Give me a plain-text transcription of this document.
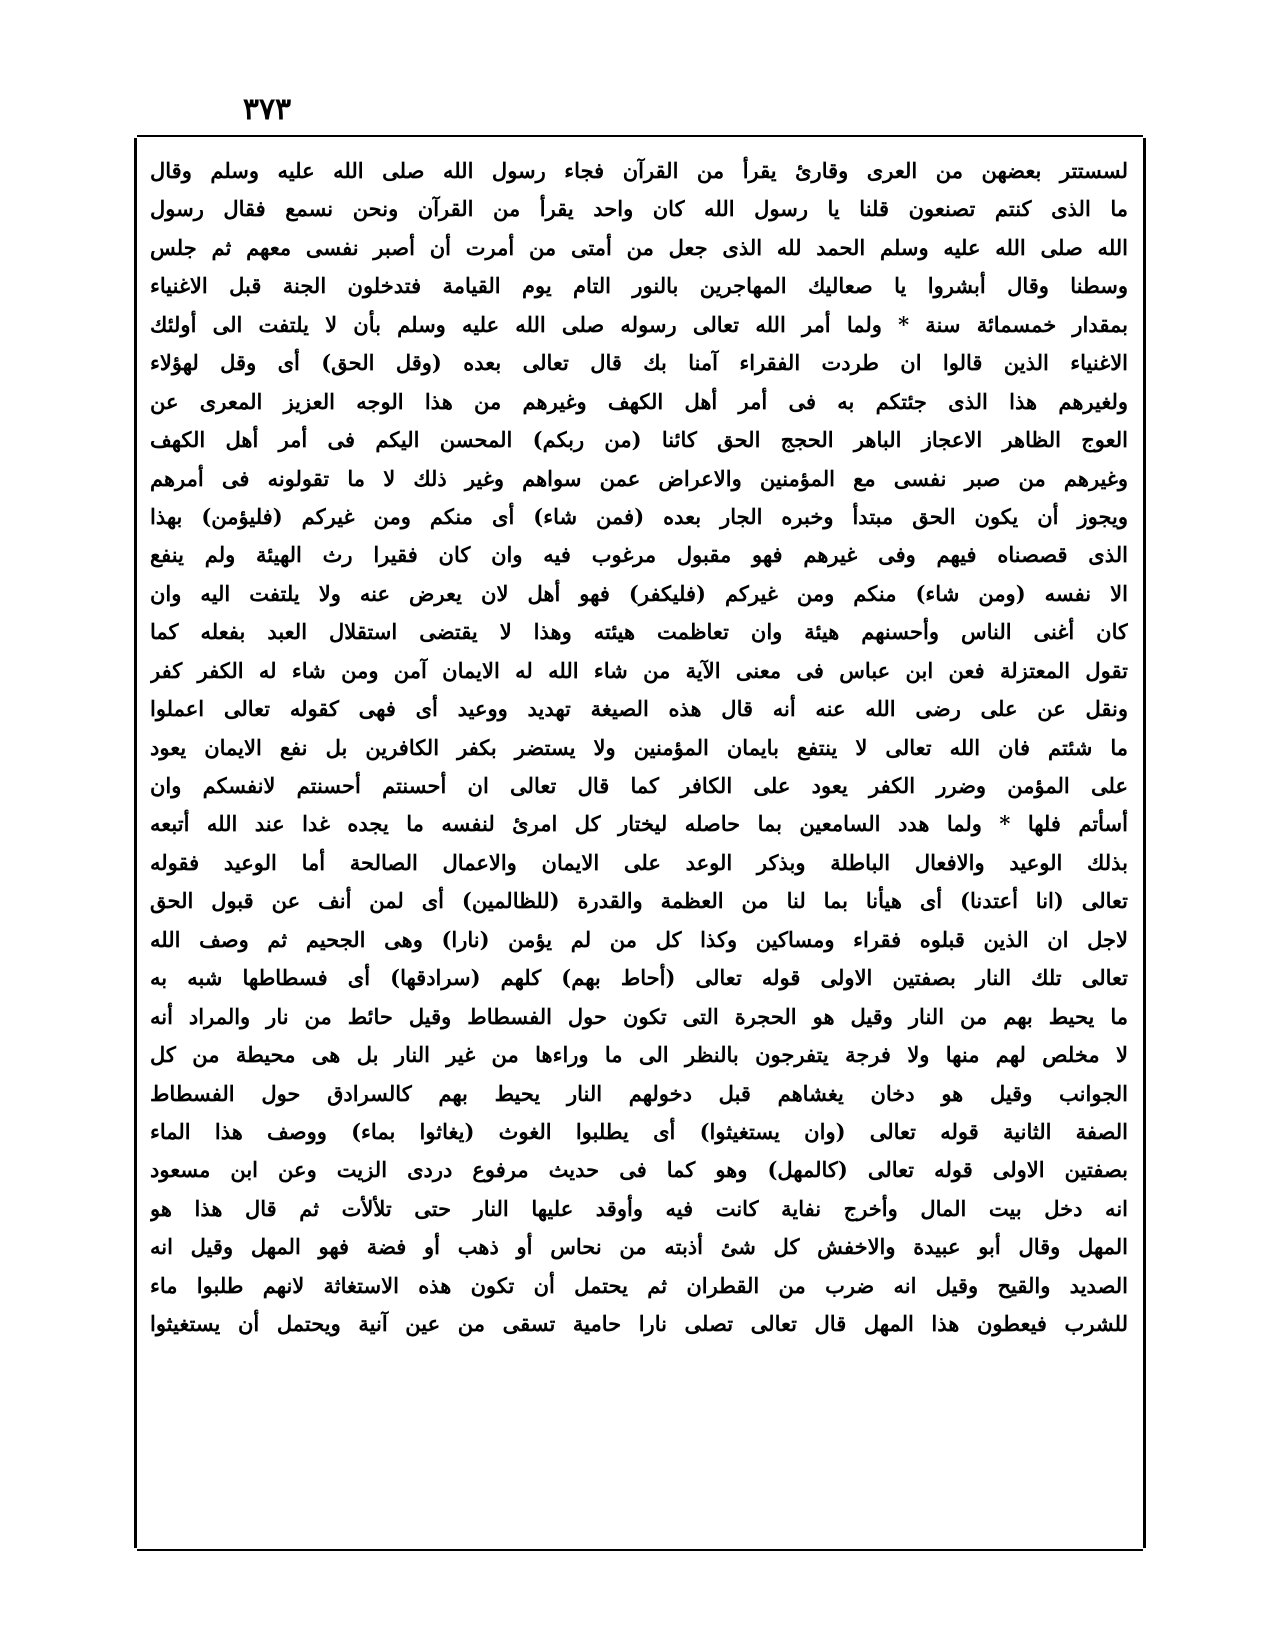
٣٧٣
لسستتر بعضهن من العرى وقارئ يقرأ من القرآن فجاء رسول الله صلى الله عليه وسلم وقال
ما الذى كنتم تصنعون قلنا يا رسول الله كان واحد يقرأ من القرآن ونحن نسمع فقال رسول
الله صلى الله عليه وسلم الحمد لله الذى جعل من أمتى من أمرت أن أصبر نفسى معهم ثم جلس
وسطنا وقال أبشروا يا صعاليك المهاجرين بالنور التام يوم القيامة فتدخلون الجنة قبل الاغنياء
بمقدار خمسمائة سنة * ولما أمر الله تعالى رسوله صلى الله عليه وسلم بأن لا يلتفت الى أولئك
الاغنياء الذين قالوا ان طردت الفقراء آمنا بك قال تعالى بعده (وقل الحق) أى وقل لهؤلاء
ولغيرهم هذا الذى جئتكم به فى أمر أهل الكهف وغيرهم من هذا الوجه العزيز المعرى عن
العوج الظاهر الاعجاز الباهر الحجج الحق كائنا (من ربكم) المحسن اليكم فى أمر أهل الكهف
وغيرهم من صبر نفسى مع المؤمنين والاعراض عمن سواهم وغير ذلك لا ما تقولونه فى أمرهم
ويجوز أن يكون الحق مبتدأ وخبره الجار بعده (فمن شاء) أى منكم ومن غيركم (فليؤمن) بهذا
الذى قصصناه فيهم وفى غيرهم فهو مقبول مرغوب فيه وان كان فقيرا رث الهيئة ولم ينفع
الا نفسه (ومن شاء) منكم ومن غيركم (فليكفر) فهو أهل لان يعرض عنه ولا يلتفت اليه وان
كان أغنى الناس وأحسنهم هيئة وان تعاظمت هيئته وهذا لا يقتضى استقلال العبد بفعله كما
تقول المعتزلة فعن ابن عباس فى معنى الآية من شاء الله له الايمان آمن ومن شاء له الكفر كفر
ونقل عن على رضى الله عنه أنه قال هذه الصيغة تهديد ووعيد أى فهى كقوله تعالى اعملوا
ما شئتم فان الله تعالى لا ينتفع بايمان المؤمنين ولا يستضر بكفر الكافرين بل نفع الايمان يعود
على المؤمن وضرر الكفر يعود على الكافر كما قال تعالى ان أحسنتم أحسنتم لانفسكم وان
أسأتم فلها * ولما هدد السامعين بما حاصله ليختار كل امرئ لنفسه ما يجده غدا عند الله أتبعه
بذلك الوعيد والافعال الباطلة وبذكر الوعد على الايمان والاعمال الصالحة أما الوعيد فقوله
تعالى (انا أعتدنا) أى هيأنا بما لنا من العظمة والقدرة (للظالمين) أى لمن أنف عن قبول الحق
لاجل ان الذين قبلوه فقراء ومساكين وكذا كل من لم يؤمن (نارا) وهى الجحيم ثم وصف الله
تعالى تلك النار بصفتين الاولى قوله تعالى (أحاط بهم) كلهم (سرادقها) أى فسطاطها شبه به
ما يحيط بهم من النار وقيل هو الحجرة التى تكون حول الفسطاط وقيل حائط من نار والمراد أنه
لا مخلص لهم منها ولا فرجة يتفرجون بالنظر الى ما وراءها من غير النار بل هى محيطة من كل
الجوانب وقيل هو دخان يغشاهم قبل دخولهم النار يحيط بهم كالسرادق حول الفسطاط
الصفة الثانية قوله تعالى (وان يستغيثوا) أى يطلبوا الغوث (يغاثوا بماء) ووصف هذا الماء
بصفتين الاولى قوله تعالى (كالمهل) وهو كما فى حديث مرفوع دردى الزيت وعن ابن مسعود
انه دخل بيت المال وأخرج نفاية كانت فيه وأوقد عليها النار حتى تلألأت ثم قال هذا هو
المهل وقال أبو عبيدة والاخفش كل شئ أذبته من نحاس أو ذهب أو فضة فهو المهل وقيل انه
الصديد والقيح وقيل انه ضرب من القطران ثم يحتمل أن تكون هذه الاستغاثة لانهم طلبوا ماء
للشرب فيعطون هذا المهل قال تعالى تصلى نارا حامية تسقى من عين آنية ويحتمل أن يستغيثوا
